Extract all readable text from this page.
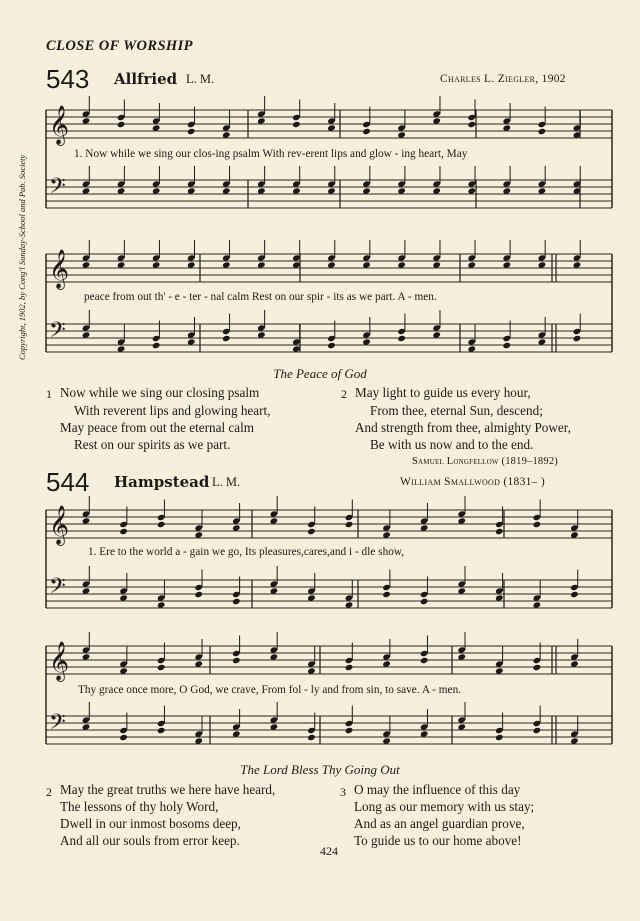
CLOSE OF WORSHIP
Copyright, 1902, by Cong'l Sunday-School and Pub. Society
543 Allfried L. M.	Charles L. Ziegler, 1902
𝄞
𝄢
𝄞
𝄢
𝄞
𝄢
𝄞
𝄢
1. Now while we sing our clos-ing psalm With rev-erent lips and glow - ing heart, May
peace from out th' - e - ter - nal calm Rest on our spir - its as we part. A - men.
The Peace of God
1 Now while we sing our closing psalm
With reverent lips and glowing heart,
May peace from out the eternal calm
Rest on our spirits as we part.
2 May light to guide us every hour,
From thee, eternal Sun, descend;
And strength from thee, almighty Power,
Be with us now and to the end.
Samuel Longfellow (1819–1892)
544 Hampstead L. M.	William Smallwood (1831– )
1. Ere to the world a - gain we go, Its pleasures,cares,and i - dle show,
Thy grace once more, O God, we crave, From fol - ly and from sin, to save. A - men.
The Lord Bless Thy Going Out
2 May the great truths we here have heard,
The lessons of thy holy Word,
Dwell in our inmost bosoms deep,
And all our souls from error keep.
3 O may the influence of this day
Long as our memory with us stay;
And as an angel guardian prove,
To guide us to our home above!
424
